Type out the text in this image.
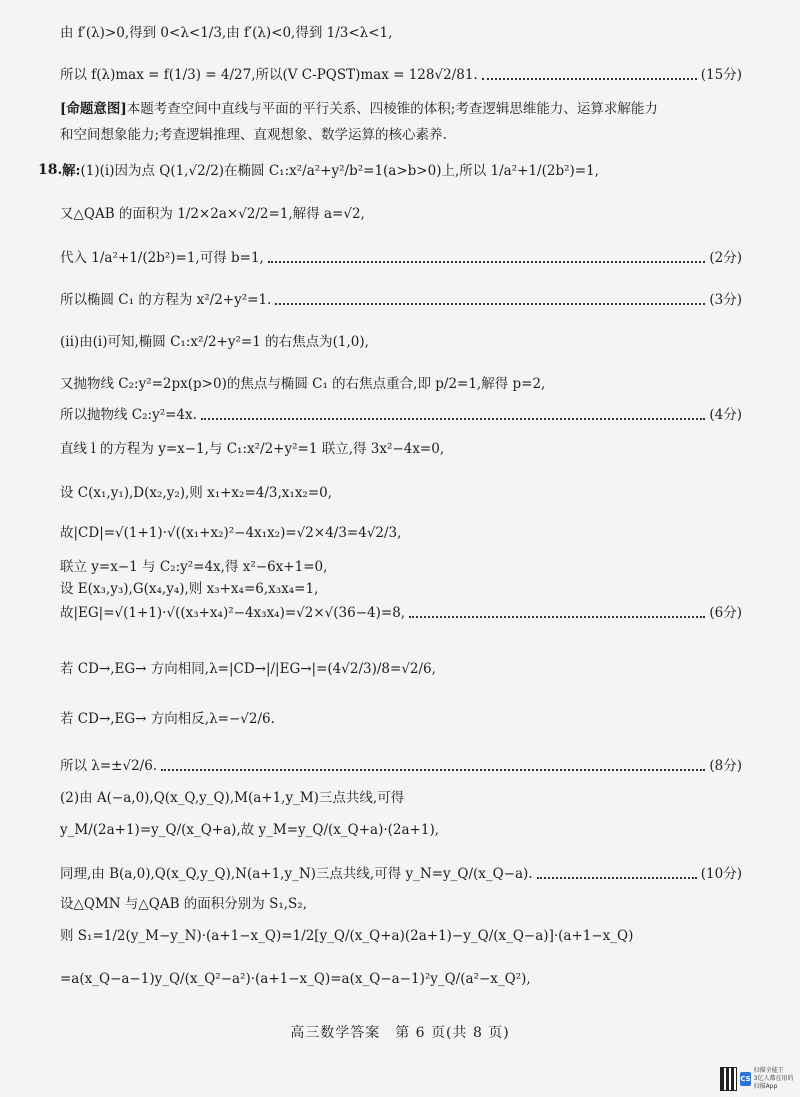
由 f′(λ)>0,得到 0<λ<1/3,由 f′(λ)<0,得到 1/3<λ<1,
所以 f(λ)max = f(1/3) = 4/27,所以(V C-PQST)max = 128√2/81.	(15分)
[命题意图]本题考查空间中直线与平面的平行关系、四棱锥的体积;考查逻辑思维能力、运算求解能力
和空间想象能力;考查逻辑推理、直观想象、数学运算的核心素养.
解:(1)(i)因为点 Q(1,√2/2)在椭圆 C₁:x²/a²+y²/b²=1(a>b>0)上,所以 1/a²+1/(2b²)=1,
又△QAB 的面积为 1/2×2a×√2/2=1,解得 a=√2,
代入 1/a²+1/(2b²)=1,可得 b=1,	(2分)
所以椭圆 C₁ 的方程为 x²/2+y²=1.	(3分)
(ii)由(i)可知,椭圆 C₁:x²/2+y²=1 的右焦点为(1,0),
又抛物线 C₂:y²=2px(p>0)的焦点与椭圆 C₁ 的右焦点重合,即 p/2=1,解得 p=2,
所以抛物线 C₂:y²=4x.	(4分)
直线 l 的方程为 y=x−1,与 C₁:x²/2+y²=1 联立,得 3x²−4x=0,
设 C(x₁,y₁),D(x₂,y₂),则 x₁+x₂=4/3,x₁x₂=0,
故|CD|=√(1+1)·√((x₁+x₂)²−4x₁x₂)=√2×4/3=4√2/3,
联立 y=x−1 与 C₂:y²=4x,得 x²−6x+1=0,
设 E(x₃,y₃),G(x₄,y₄),则 x₃+x₄=6,x₃x₄=1,
故|EG|=√(1+1)·√((x₃+x₄)²−4x₃x₄)=√2×√(36−4)=8,	(6分)
若 CD→,EG→ 方向相同,λ=|CD→|/|EG→|=(4√2/3)/8=√2/6,
若 CD→,EG→ 方向相反,λ=−√2/6.
所以 λ=±√2/6.	(8分)
(2)由 A(−a,0),Q(x_Q,y_Q),M(a+1,y_M)三点共线,可得
y_M/(2a+1)=y_Q/(x_Q+a),故 y_M=y_Q/(x_Q+a)·(2a+1),
同理,由 B(a,0),Q(x_Q,y_Q),N(a+1,y_N)三点共线,可得 y_N=y_Q/(x_Q−a).	(10分)
设△QMN 与△QAB 的面积分别为 S₁,S₂,
则 S₁=1/2(y_M−y_N)·(a+1−x_Q)=1/2[y_Q/(x_Q+a)(2a+1)−y_Q/(x_Q−a)]·(a+1−x_Q)
=a(x_Q−a−1)y_Q/(x_Q²−a²)·(a+1−x_Q)=a(x_Q−a−1)²y_Q/(a²−x_Q²),
18.
高三数学答案　第 6 页(共 8 页)
CS
扫描全能王
3亿人都在用的扫描App
